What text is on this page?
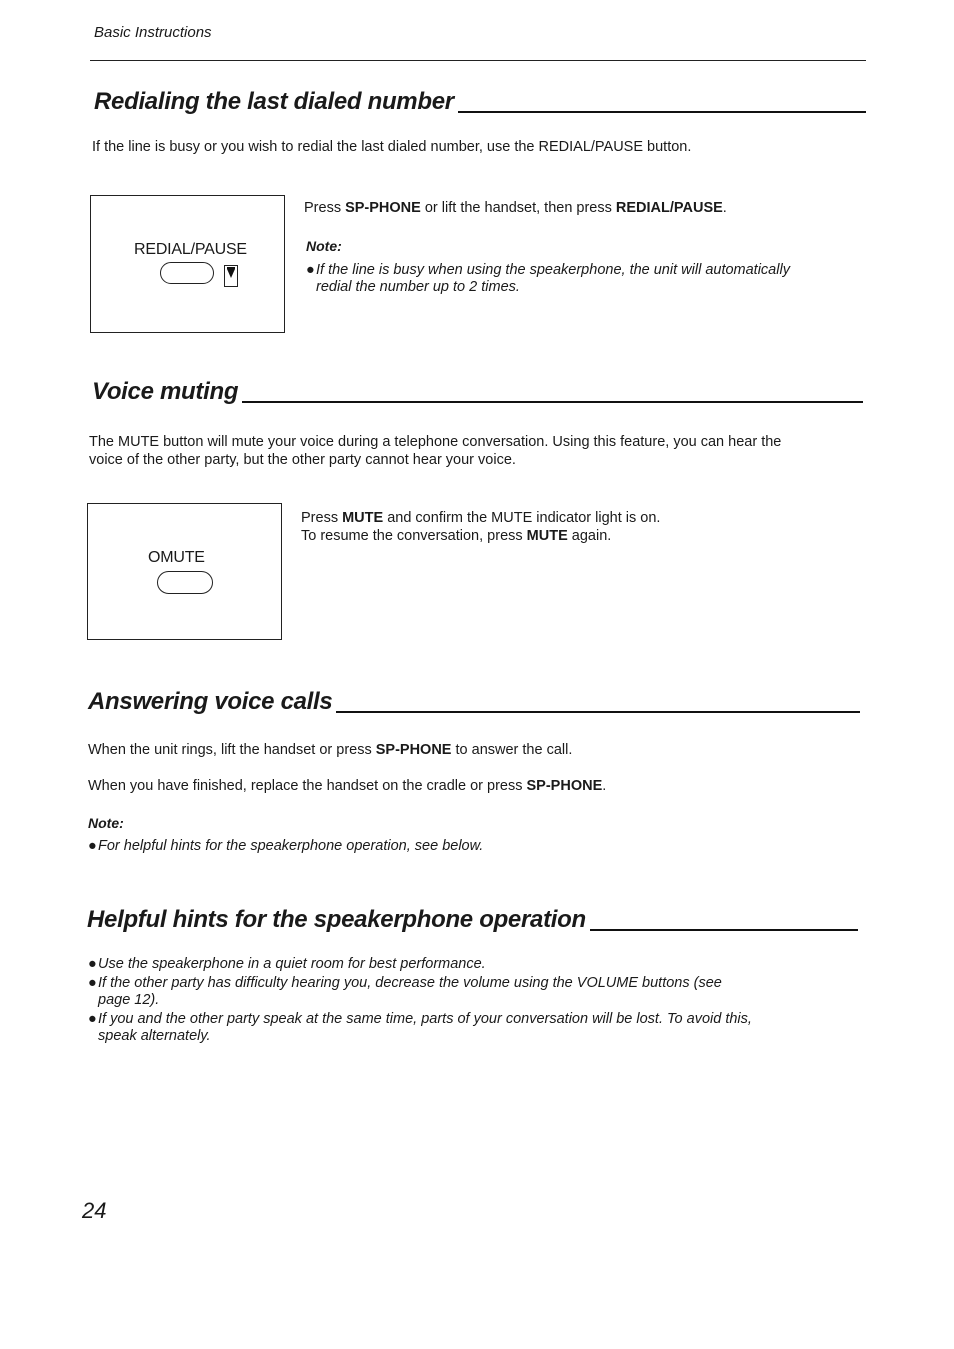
Basic Instructions
Redialing the last dialed number
If the line is busy or you wish to redial the last dialed number, use the REDIAL/PAUSE button.
REDIAL/PAUSE
Press SP-PHONE or lift the handset, then press REDIAL/PAUSE.
Note:
● If the line is busy when using the speakerphone, the unit will automatically
redial the number up to 2 times.
Voice muting
The MUTE button will mute your voice during a telephone conversation. Using this feature, you can hear the
voice of the other party, but the other party cannot hear your voice.
OMUTE
Press MUTE and confirm the MUTE indicator light is on.
To resume the conversation, press MUTE again.
Answering voice calls
When the unit rings, lift the handset or press SP-PHONE to answer the call.
When you have finished, replace the handset on the cradle or press SP-PHONE.
Note:
● For helpful hints for the speakerphone operation, see below.
Helpful hints for the speakerphone operation
● Use the speakerphone in a quiet room for best performance.
● If the other party has difficulty hearing you, decrease the volume using the VOLUME buttons (see
page 12).
● If you and the other party speak at the same time, parts of your conversation will be lost. To avoid this,
speak alternately.
24
